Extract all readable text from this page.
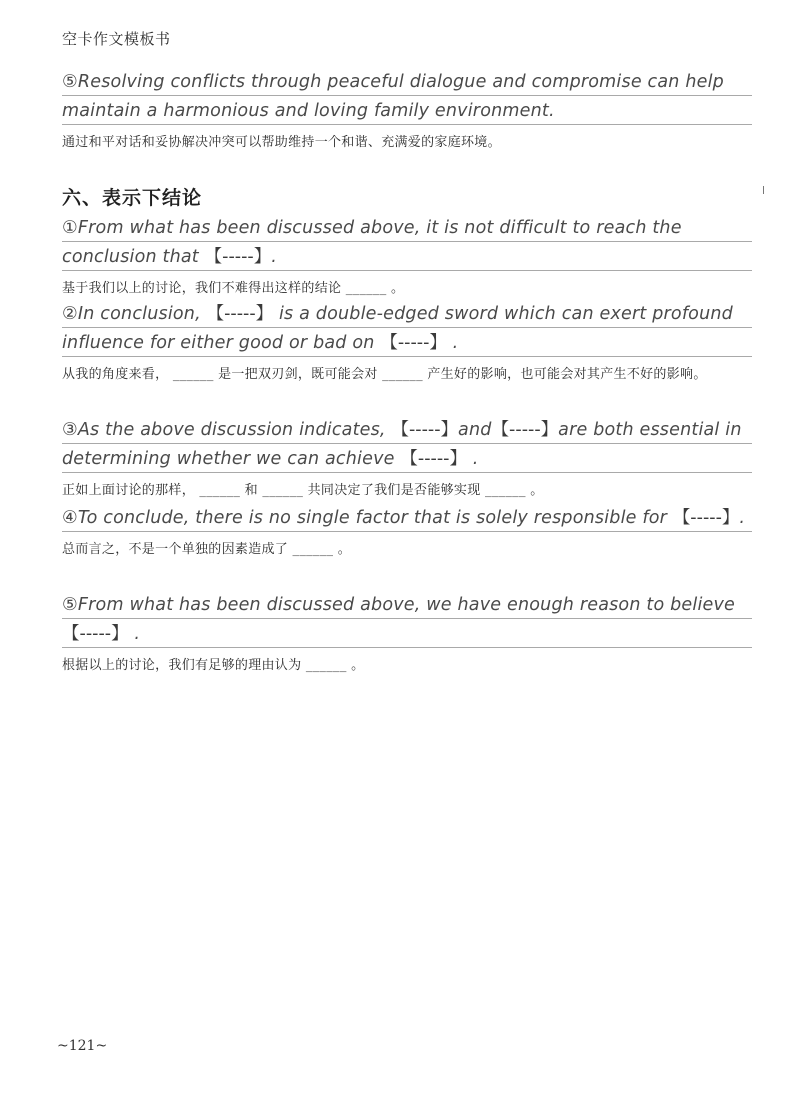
空卡作文模板书

⑤Resolving conflicts through peaceful dialogue and compromise can help maintain a harmonious and loving family environment.

通过和平对话和妥协解决冲突可以帮助维持一个和谐、充满爱的家庭环境。
六、表示下结论

①From what has been discussed above, it is not difficult to reach the conclusion that 【-----】.

基于我们以上的讨论，我们不难得出这样的结论 ______ 。

②In conclusion, 【-----】 is a double-edged sword which can exert profound influence for either good or bad on 【-----】 .

从我的角度来看， ______ 是一把双刃剑，既可能会对 ______ 产生好的影响，也可能会对其产生不好的影响。

③As the above discussion indicates, 【-----】and【-----】are both essential in determining whether we can achieve 【-----】 .

正如上面讨论的那样， ______ 和 ______ 共同决定了我们是否能够实现 ______ 。

④To conclude, there is no single factor that is solely responsible for 【-----】.

总而言之，不是一个单独的因素造成了 ______ 。

⑤From what has been discussed above, we have enough reason to believe 【-----】 .

根据以上的讨论，我们有足够的理由认为 ______ 。
~121~
